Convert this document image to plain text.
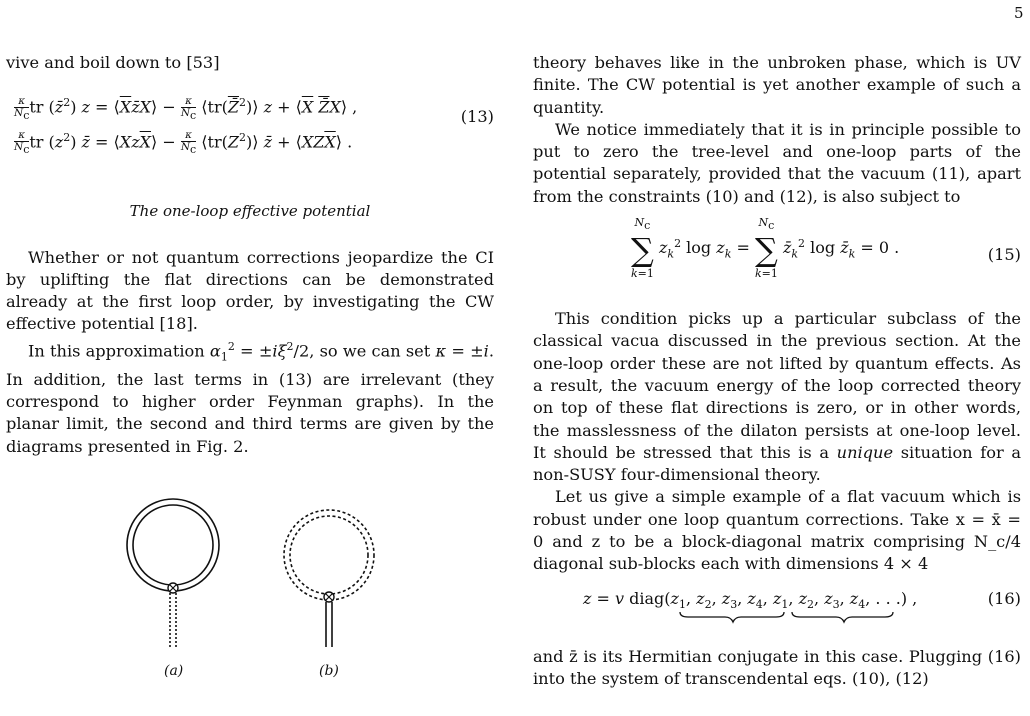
5

vive and boil down to [53]

$\frac{\kappa}{N_c}$ tr (z̄$^2$) $z = ⟨\overline{X}z̄X⟩ - \frac{\kappa}{N_c}$ ⟨tr(Z̄$^2$)⟩ $z + ⟨\overline{X}$ Z̄X⟩ ,
$\frac{\kappa}{N_c}$ tr $(z^2)$ z̄ = $⟨Xz\overline{X}⟩ - \frac{\kappa}{N_c}$ $⟨tr(Z^2)⟩$ z̄ + $⟨XZ\overline{X}⟩$ .
(13)

The one-loop effective potential

Whether or not quantum corrections jeopardize the CI by uplifting the flat directions can be demonstrated already at the first loop order, by investigating the CW effective potential [18].

In this approximation $\alpha_1^2 = \pm i\xi^2/2$, so we can set κ = ±i. In addition, the last terms in (13) are irrelevant (they correspond to higher order Feynman graphs). In the planar limit, the second and third terms are given by the diagrams presented in Fig. 2.

(a)	(b)

theory behaves like in the unbroken phase, which is UV finite. The CW potential is yet another example of such a quantity.

We notice immediately that it is in principle possible to put to zero the tree-level and one-loop parts of the potential separately, provided that the vacuum (11), apart from the constraints (10) and (12), is also subject to

$N_c$
∑
k=1
$z_k^2$ $\log z_k$ =
$N_c$
∑
k=1
$z̄_k^2$ $\log z̄_k = 0$ .	(15)

This condition picks up a particular subclass of the classical vacua discussed in the previous section. At the one-loop order these are not lifted by quantum effects. As a result, the vacuum energy of the loop corrected theory on top of these flat directions is zero, or in other words, the masslessness of the dilaton persists at one-loop level. It should be stressed that this is a unique situation for a non-SUSY four-dimensional theory.

Let us give a simple example of a flat vacuum which is robust under one loop quantum corrections. Take x = x̄ = 0 and z to be a block-diagonal matrix comprising N_c/4 diagonal sub-blocks each with dimensions 4 × 4

z = v $diag(z_1$, $z_2$, $z_3$, $z_4$, $z_1$, $z_2$, $z_3$, $z_4$, . . .) ,	(16)

and z̄ is its Hermitian conjugate in this case. Plugging (16) into the system of transcendental eqs. (10), (12)
